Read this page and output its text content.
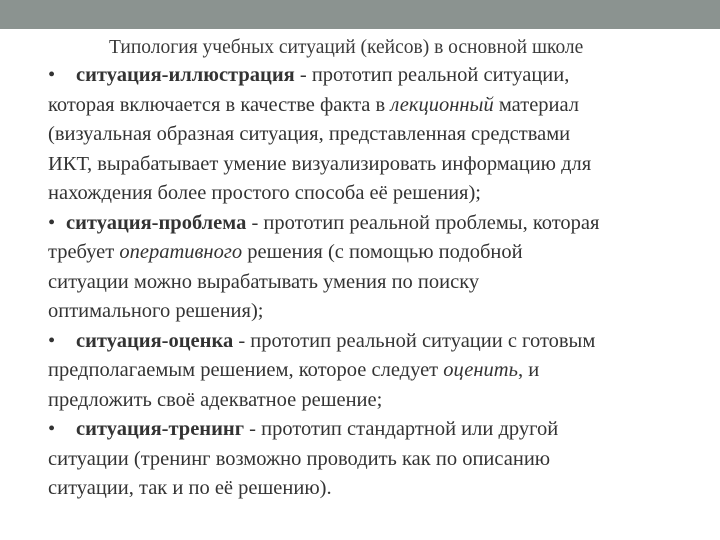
Типология учебных ситуаций (кейсов) в основной школе
• ситуация-иллюстрация - прототип реальной ситуации,
которая включается в качестве факта в лекционный материал
(визуальная образная ситуация, представленная средствами
ИКТ, вырабатывает умение визуализировать информацию для
нахождения более простого способа её решения);
• ситуация-проблема - прототип реальной проблемы, которая
требует оперативного решения (с помощью подобной
ситуации можно вырабатывать умения по поиску
оптимального решения);
• ситуация-оценка - прототип реальной ситуации с готовым
предполагаемым решением, которое следует оценить, и
предложить своё адекватное решение;
• ситуация-тренинг - прототип стандартной или другой
ситуации (тренинг возможно проводить как по описанию
ситуации, так и по её решению).
